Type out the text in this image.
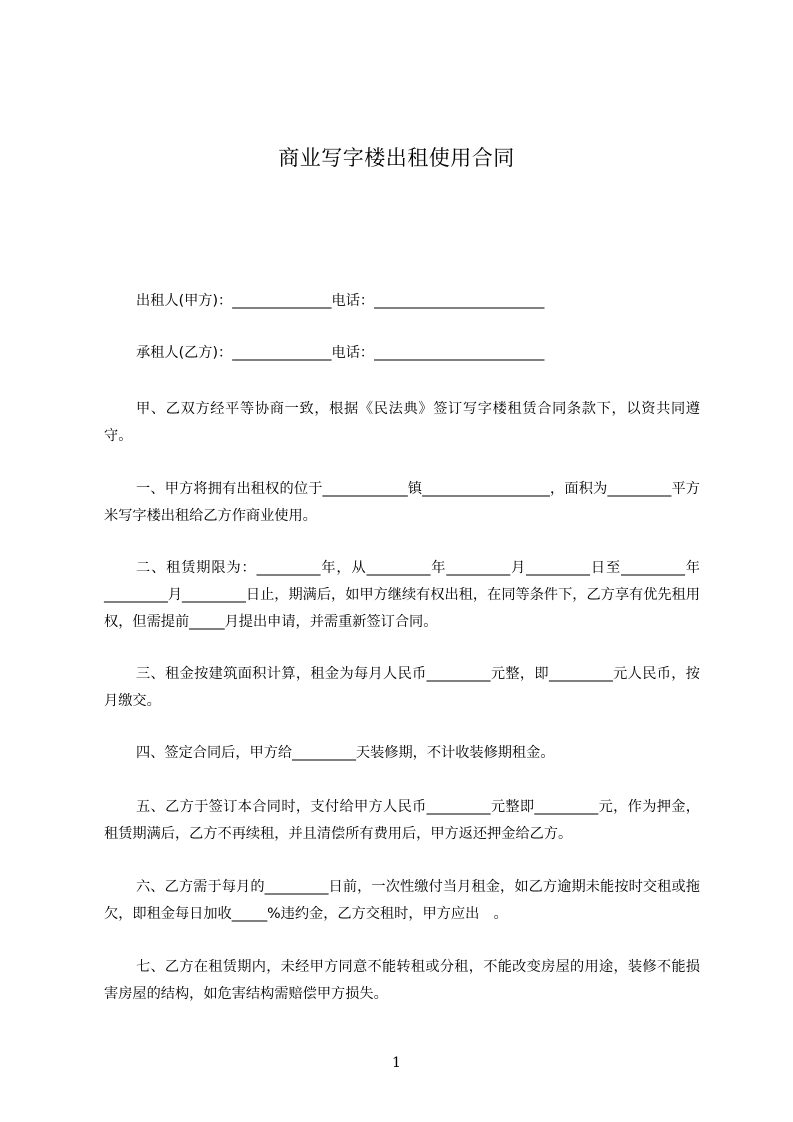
商业写字楼出租使用合同

出租人(甲方)：______________电话：________________________

承租人(乙方)：______________电话：________________________

甲、乙双方经平等协商一致，根据《民法典》签订写字楼租赁合同条款下，以资共同遵守。

一、甲方将拥有出租权的位于____________镇__________________，面积为_________平方米写字楼出租给乙方作商业使用。

二、租赁期限为：_________年，从_________年_________月_________日至_________年_________月_________日止，期满后，如甲方继续有权出租，在同等条件下，乙方享有优先租用权，但需提前_____月提出申请，并需重新签订合同。

三、租金按建筑面积计算，租金为每月人民币_________元整，即_________元人民币，按月缴交。

四、签定合同后，甲方给_________天装修期，不计收装修期租金。

五、乙方于签订本合同时，支付给甲方人民币_________元整即_________元，作为押金，租赁期满后，乙方不再续租，并且清偿所有费用后，甲方返还押金给乙方。

六、乙方需于每月的_________日前，一次性缴付当月租金，如乙方逾期未能按时交租或拖欠，即租金每日加收_____%违约金，乙方交租时，甲方应出　。

七、乙方在租赁期内，未经甲方同意不能转租或分租，不能改变房屋的用途，装修不能损害房屋的结构，如危害结构需赔偿甲方损失。

1
